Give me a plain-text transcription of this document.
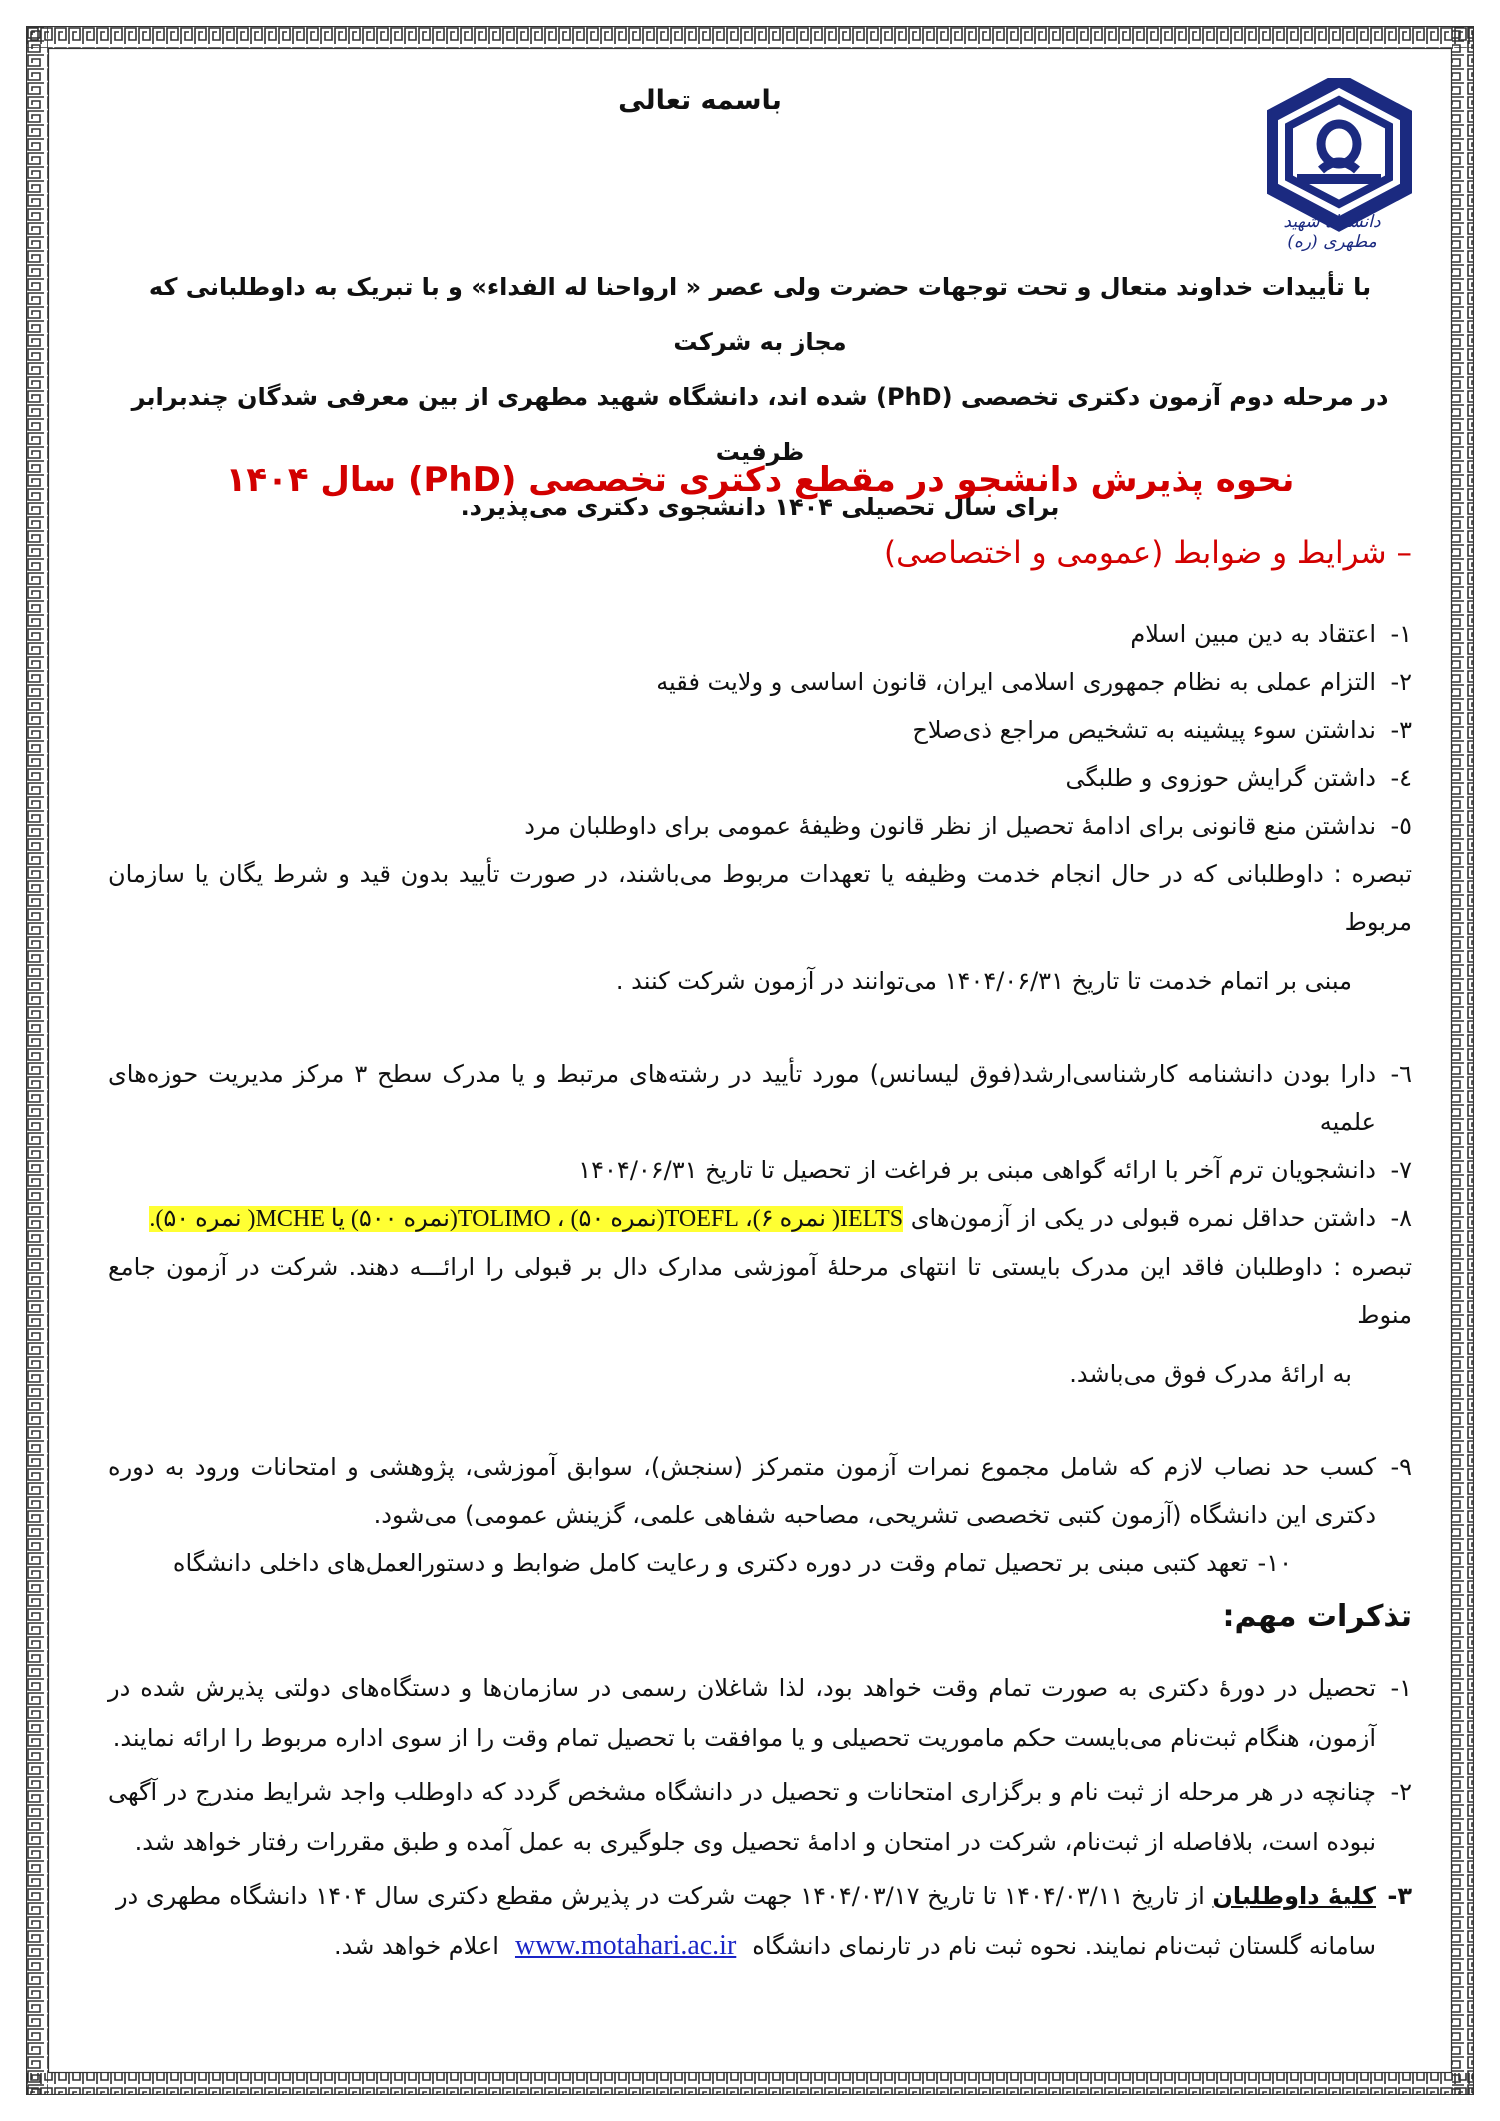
دانشگاه شهید مطهری (ره)
باسمه تعالی

با تأییدات خداوند متعال و تحت توجهات حضرت ولی عصر « ارواحنا له الفداء» و با تبریک به داوطلبانی که مجاز به شرکت

در مرحله دوم آزمون دکتری تخصصی (PhD) شده اند، دانشگاه شهید مطهری از بین معرفی شدگان چندبرابر ظرفیت

برای سال تحصیلی ۱۴۰۴ دانشجوی دکتری می‌پذیرد.

نحوه پذیرش دانشجو در مقطع دکتری تخصصی (PhD) سال ۱۴۰۴
– شرایط و ضوابط (عمومی و اختصاصی)
۱-
اعتقاد به دین مبین اسلام
۲-
التزام عملی به نظام جمهوری اسلامی ایران، قانون اساسی و ولایت فقیه
۳-
نداشتن سوء پیشینه به تشخیص مراجع ذی‌صلاح
٤-
داشتن گرایش حوزوی و طلبگی
٥-
نداشتن منع قانونی برای ادامهٔ تحصیل از نظر قانون وظیفهٔ عمومی برای داوطلبان مرد

تبصره : داوطلبانی که در حال انجام خدمت وظیفه یا تعهدات مربوط می‌باشند، در صورت تأیید بدون قید و شرط یگان یا سازمان مربوط
مبنی بر اتمام خدمت تا تاریخ ۱۴۰۴/۰۶/۳۱ می‌توانند در آزمون شرکت کنند .

٦-
دارا بودن دانشنامه کارشناسی‌ارشد(فوق لیسانس) مورد تأیید در رشته‌های مرتبط و یا مدرک سطح ۳ مرکز مدیریت حوزه‌های علمیه
۷-
دانشجویان ترم آخر با ارائه گواهی مبنی بر فراغت از تحصیل تا تاریخ ۱۴۰۴/۰۶/۳۱
۸-
داشتن حداقل نمره قبولی در یکی از آزمون‌های IELTS( نمره ۶)، TOEFL(نمره ۵۰) ، TOLIMO(نمره ۵۰۰) یا MCHE( نمره ۵۰).

تبصره : داوطلبان فاقد این مدرک بایستی تا انتهای مرحلهٔ آموزشی مدارک دال بر قبولی را ارائـــه دهند. شرکت در آزمون جامع منوط
به ارائهٔ مدرک فوق می‌باشد.

۹-
کسب حد نصاب لازم که شامل مجموع نمرات آزمون متمرکز (سنجش)، سوابق آموزشی، پژوهشی و امتحانات ورود به دوره دکتری این دانشگاه (آزمون کتبی تخصصی تشریحی، مصاحبه شفاهی علمی، گزینش عمومی) می‌شود.
۱۰-
تعهد کتبی مبنی بر تحصیل تمام وقت در دوره دکتری و رعایت کامل ضوابط و دستورالعمل‌های داخلی دانشگاه
تذکرات مهم:
۱-
تحصیل در دورهٔ دکتری به صورت تمام وقت خواهد بود، لذا شاغلان رسمی در سازمان‌ها و دستگاه‌های دولتی پذیرش شده در آزمون، هنگام ثبت‌نام می‌بایست حکم ماموریت تحصیلی و یا موافقت با تحصیل تمام وقت را از سوی اداره مربوط را ارائه نمایند.
۲-
چنانچه در هر مرحله از ثبت نام و برگزاری امتحانات و تحصیل در دانشگاه مشخص گردد که داوطلب واجد شرایط مندرج در آگهی نبوده است، بلافاصله از ثبت‌نام، شرکت در امتحان و ادامهٔ تحصیل وی جلوگیری به عمل آمده و طبق مقررات رفتار خواهد شد.
۳-
کلیهٔ داوطلبان از تاریخ ۱۴۰۴/۰۳/۱۱ تا تاریخ ۱۴۰۴/۰۳/۱۷ جهت شرکت در پذیرش مقطع دکتری سال ۱۴۰۴ دانشگاه مطهری در
سامانه گلستان ثبت‌نام نمایند. نحوه ثبت نام در تارنمای دانشگاهwww.motahari.ac.irاعلام خواهد شد.
